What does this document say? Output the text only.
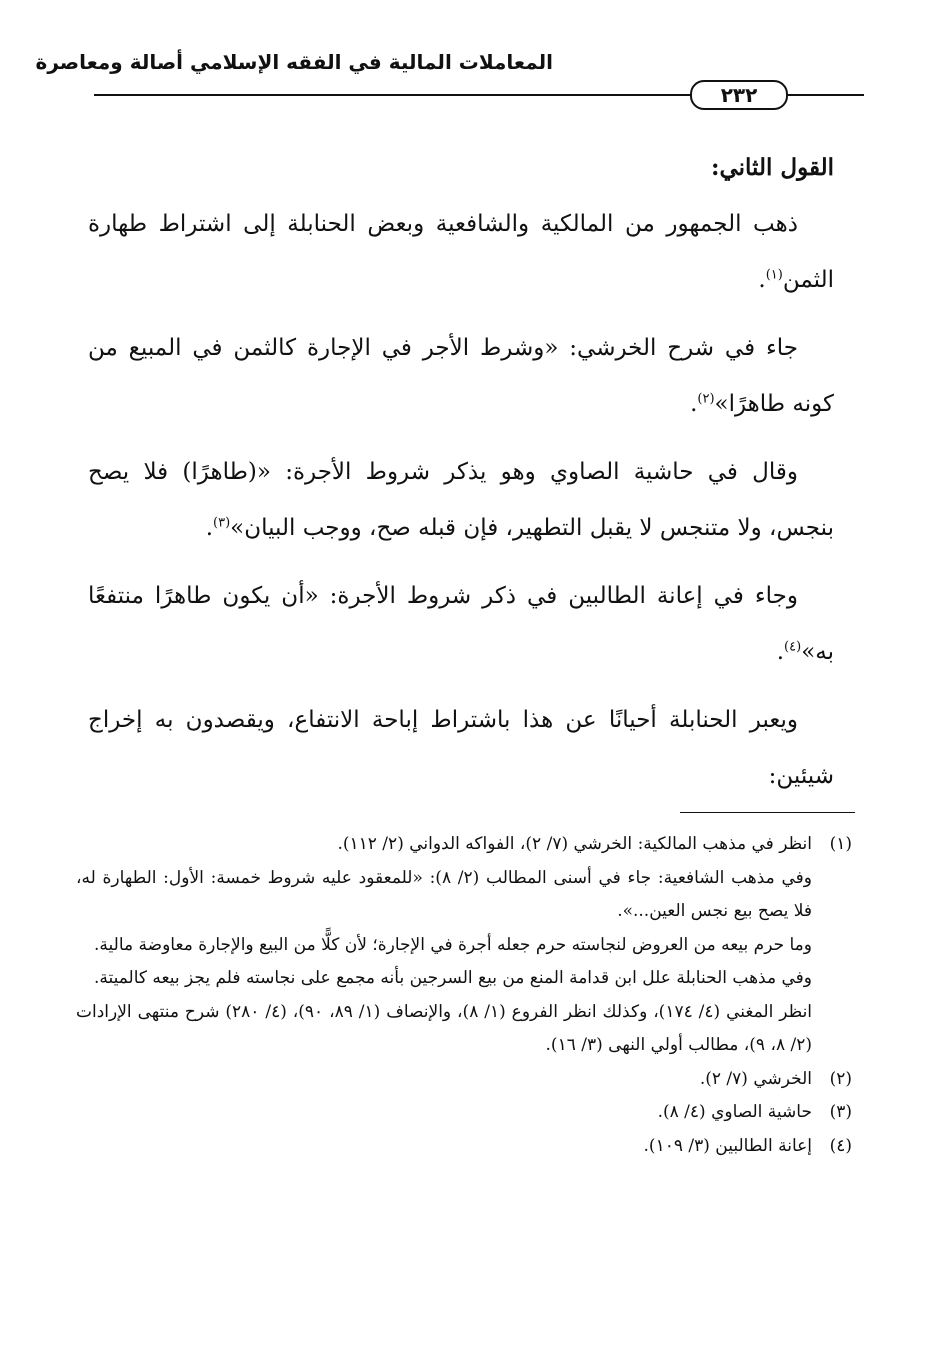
المعاملات المالية في الفقه الإسلامي أصالة ومعاصرة
٢٣٢

القول الثاني:

ذهب الجمهور من المالكية والشافعية وبعض الحنابلة إلى اشتراط طهارة الثمن$^{(١)}$.

جاء في شرح الخرشي: «وشرط الأجر في الإجارة كالثمن في المبيع من كونه طاهرًا»$^{(٢)}$.

وقال في حاشية الصاوي وهو يذكر شروط الأجرة: «(طاهرًا) فلا يصح بنجس، ولا متنجس لا يقبل التطهير، فإن قبله صح، ووجب البيان»$^{(٣)}$.

وجاء في إعانة الطالبين في ذكر شروط الأجرة: «أن يكون طاهرًا منتفعًا به»$^{(٤)}$.

ويعبر الحنابلة أحيانًا عن هذا باشتراط إباحة الانتفاع، ويقصدون به إخراج شيئين:

(١)انظر في مذهب المالكية: الخرشي (٧/ ٢)، الفواكه الدواني (٢/ ١١٢).

وفي مذهب الشافعية: جاء في أسنى المطالب (٢/ ٨): «للمعقود عليه شروط خمسة: الأول: الطهارة له، فلا يصح بيع نجس العين...».

وما حرم بيعه من العروض لنجاسته حرم جعله أجرة في الإجارة؛ لأن كلًّا من البيع والإجارة معاوضة مالية.

وفي مذهب الحنابلة علل ابن قدامة المنع من بيع السرجين بأنه مجمع على نجاسته فلم يجز بيعه كالميتة.

انظر المغني (٤/ ١٧٤)، وكذلك انظر الفروع (١/ ٨)، والإنصاف (١/ ٨٩، ٩٠)، (٤/ ٢٨٠) شرح منتهى الإرادات (٢/ ٨، ٩)، مطالب أولي النهى (٣/ ١٦).

(٢)الخرشي (٧/ ٢).

(٣)حاشية الصاوي (٤/ ٨).

(٤)إعانة الطالبين (٣/ ١٠٩).
